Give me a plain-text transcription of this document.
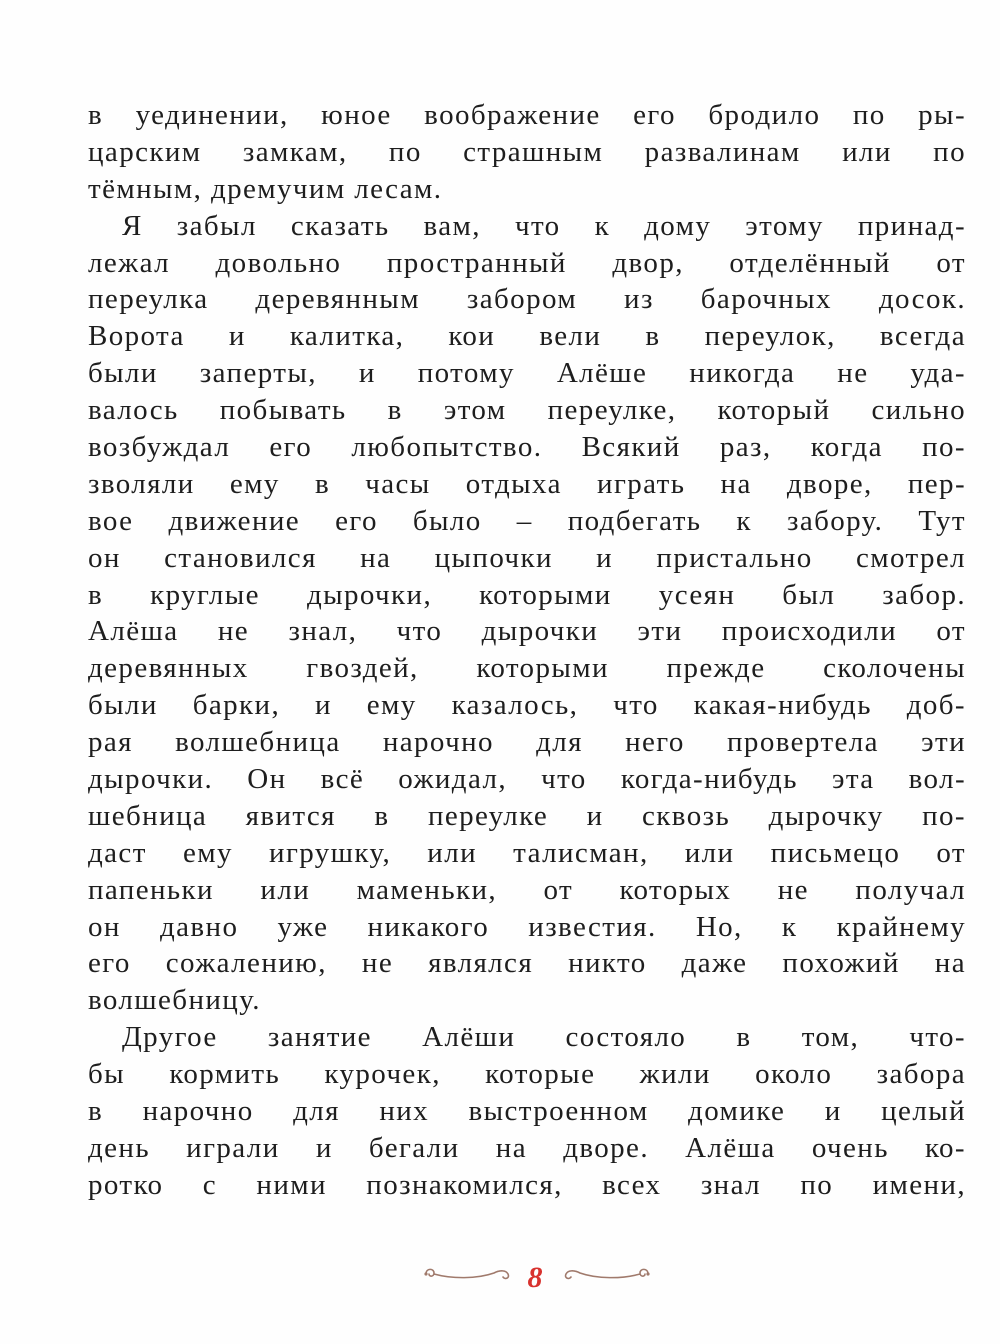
в уединении, юное воображение его бродило по ры-
царским замкам, по страшным развалинам или по
тёмным, дремучим лесам.
Я забыл сказать вам, что к дому этому принад-
лежал довольно пространный двор, отделённый от
переулка деревянным забором из барочных досок.
Ворота и калитка, кои вели в переулок, всегда
были заперты, и потому Алёше никогда не уда-
валось побывать в этом переулке, который сильно
возбуждал его любопытство. Всякий раз, когда по-
зволяли ему в часы отдыха играть на дворе, пер-
вое движение его было – подбегать к забору. Тут
он становился на цыпочки и пристально смотрел
в круглые дырочки, которыми усеян был забор.
Алёша не знал, что дырочки эти происходили от
деревянных гвоздей, которыми прежде сколочены
были барки, и ему казалось, что какая-нибудь доб-
рая волшебница нарочно для него провертела эти
дырочки. Он всё ожидал, что когда-нибудь эта вол-
шебница явится в переулке и сквозь дырочку по-
даст ему игрушку, или талисман, или письмецо от
папеньки или маменьки, от которых не получал
он давно уже никакого известия. Но, к крайнему
его сожалению, не являлся никто даже похожий на
волшебницу.
Другое занятие Алёши состояло в том, что-
бы кормить курочек, которые жили около забора
в нарочно для них выстроенном домике и целый
день играли и бегали на дворе. Алёша очень ко-
ротко с ними познакомился, всех знал по имени,
8
